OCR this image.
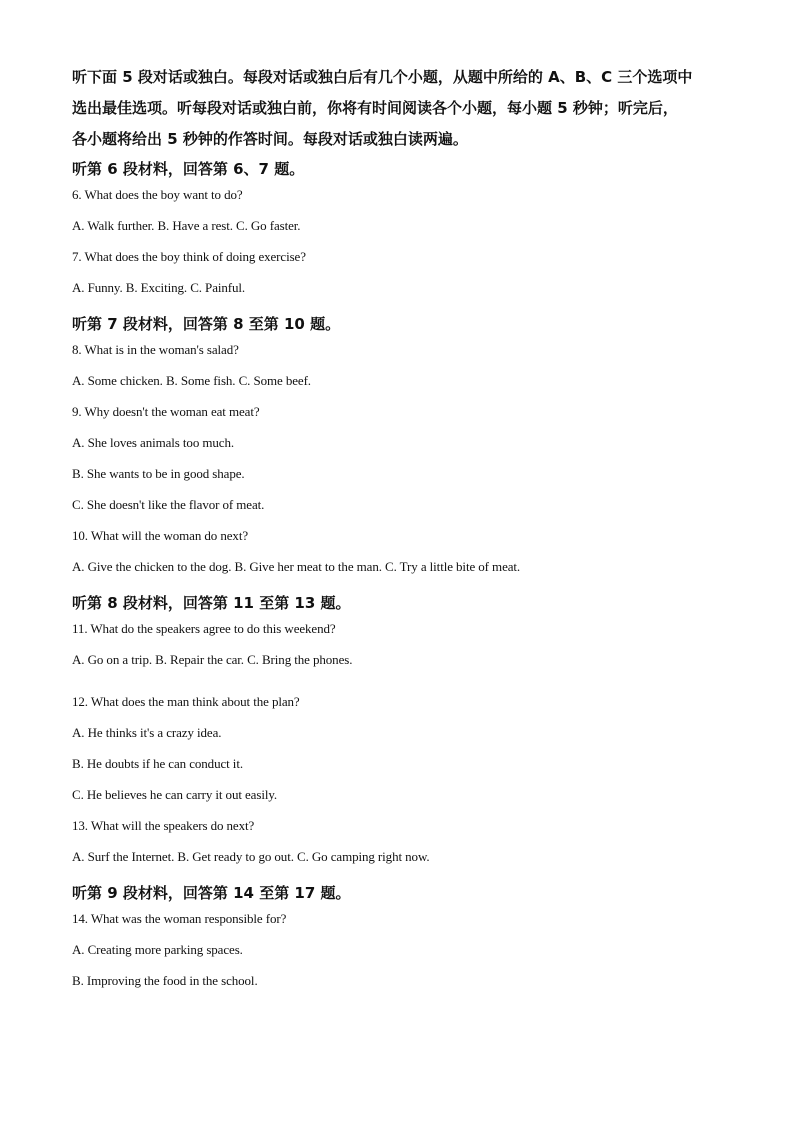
听下面 5 段对话或独白。每段对话或独白后有几个小题，从题中所给的 A、B、C 三个选项中

选出最佳选项。听每段对话或独白前，你将有时间阅读各个小题，每小题 5 秒钟；听完后，

各小题将给出 5 秒钟的作答时间。每段对话或独白读两遍。

听第 6 段材料，回答第 6、7 题。

6. What does the boy want to do?

A. Walk further. B. Have a rest. C. Go faster.

7. What does the boy think of doing exercise?

A. Funny. B. Exciting. C. Painful.

听第 7 段材料，回答第 8 至第 10 题。

8. What is in the woman's salad?

A. Some chicken. B. Some fish. C. Some beef.

9. Why doesn't the woman eat meat?

A. She loves animals too much.

B. She wants to be in good shape.

C. She doesn't like the flavor of meat.

10. What will the woman do next?

A. Give the chicken to the dog. B. Give her meat to the man. C. Try a little bite of meat.

听第 8 段材料，回答第 11 至第 13 题。

11. What do the speakers agree to do this weekend?

A. Go on a trip. B. Repair the car. C. Bring the phones.

12. What does the man think about the plan?

A. He thinks it's a crazy idea.

B. He doubts if he can conduct it.

C. He believes he can carry it out easily.

13. What will the speakers do next?

A. Surf the Internet. B. Get ready to go out. C. Go camping right now.

听第 9 段材料，回答第 14 至第 17 题。

14. What was the woman responsible for?

A. Creating more parking spaces.

B. Improving the food in the school.
